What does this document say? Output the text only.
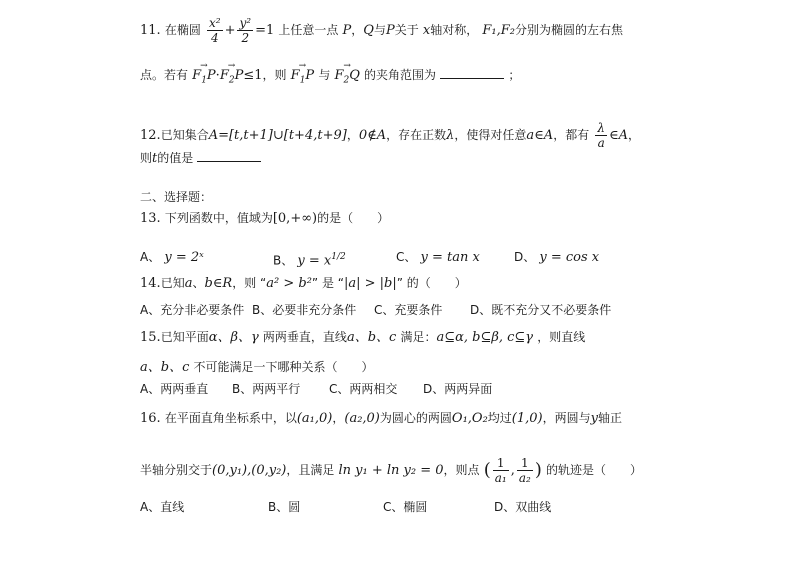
11. 在椭圆 $\frac{\text{x²}}{4} + \frac{\text{y²}}{2} =1$ 上任意一点 P，Q与P关于 x轴对称， F₁,F₂分别为椭圆的左右焦
点。若有 → $F_1P\cdot\to F_2P\le 1$，则 → $F_1P$ 与 → $F_2Q$ 的夹角范围为	；
12.已知集合A=[t,t+1]∪[t+4,t+9]，0∉A，存在正数λ，使得对任意a∈A，都有 $\frac{\lambda}{a}$ ∈A，
则t的值是
二、选择题：
13. 下列函数中，值域为[0,+∞)的是（　　）
A、 y = 2ˣ	B、 $y = x^{1/2}$	C、 y = tan x	D、 y = cos x
14.已知a、b∈R，则 “a² > b²” 是 “|a| > |b|” 的（　　）
A、充分非必要条件 B、必要非充分条件 C、充要条件 D、既不充分又不必要条件
15.已知平面α、β、γ 两两垂直，直线a、b、c 满足：a⊆α, b⊆β, c⊆γ ，则直线
a、b、c 不可能满足一下哪种关系（　　）
A、两两垂直 B、两两平行 C、两两相交 D、两两异面
16. 在平面直角坐标系中，以(a₁,0)，(a₂,0)为圆心的两圆O₁,O₂均过(1,0)，两圆与y轴正
半轴分别交于(0,y₁),(0,y₂)，且满足 ln y₁ + ln y₂ = 0，则点 ( $\frac{1}{\text{a₁}}$ , $\frac{1}{\text{a₂}}$ ) 的轨迹是（　　）
A、直线	B、圆	C、椭圆	D、双曲线
